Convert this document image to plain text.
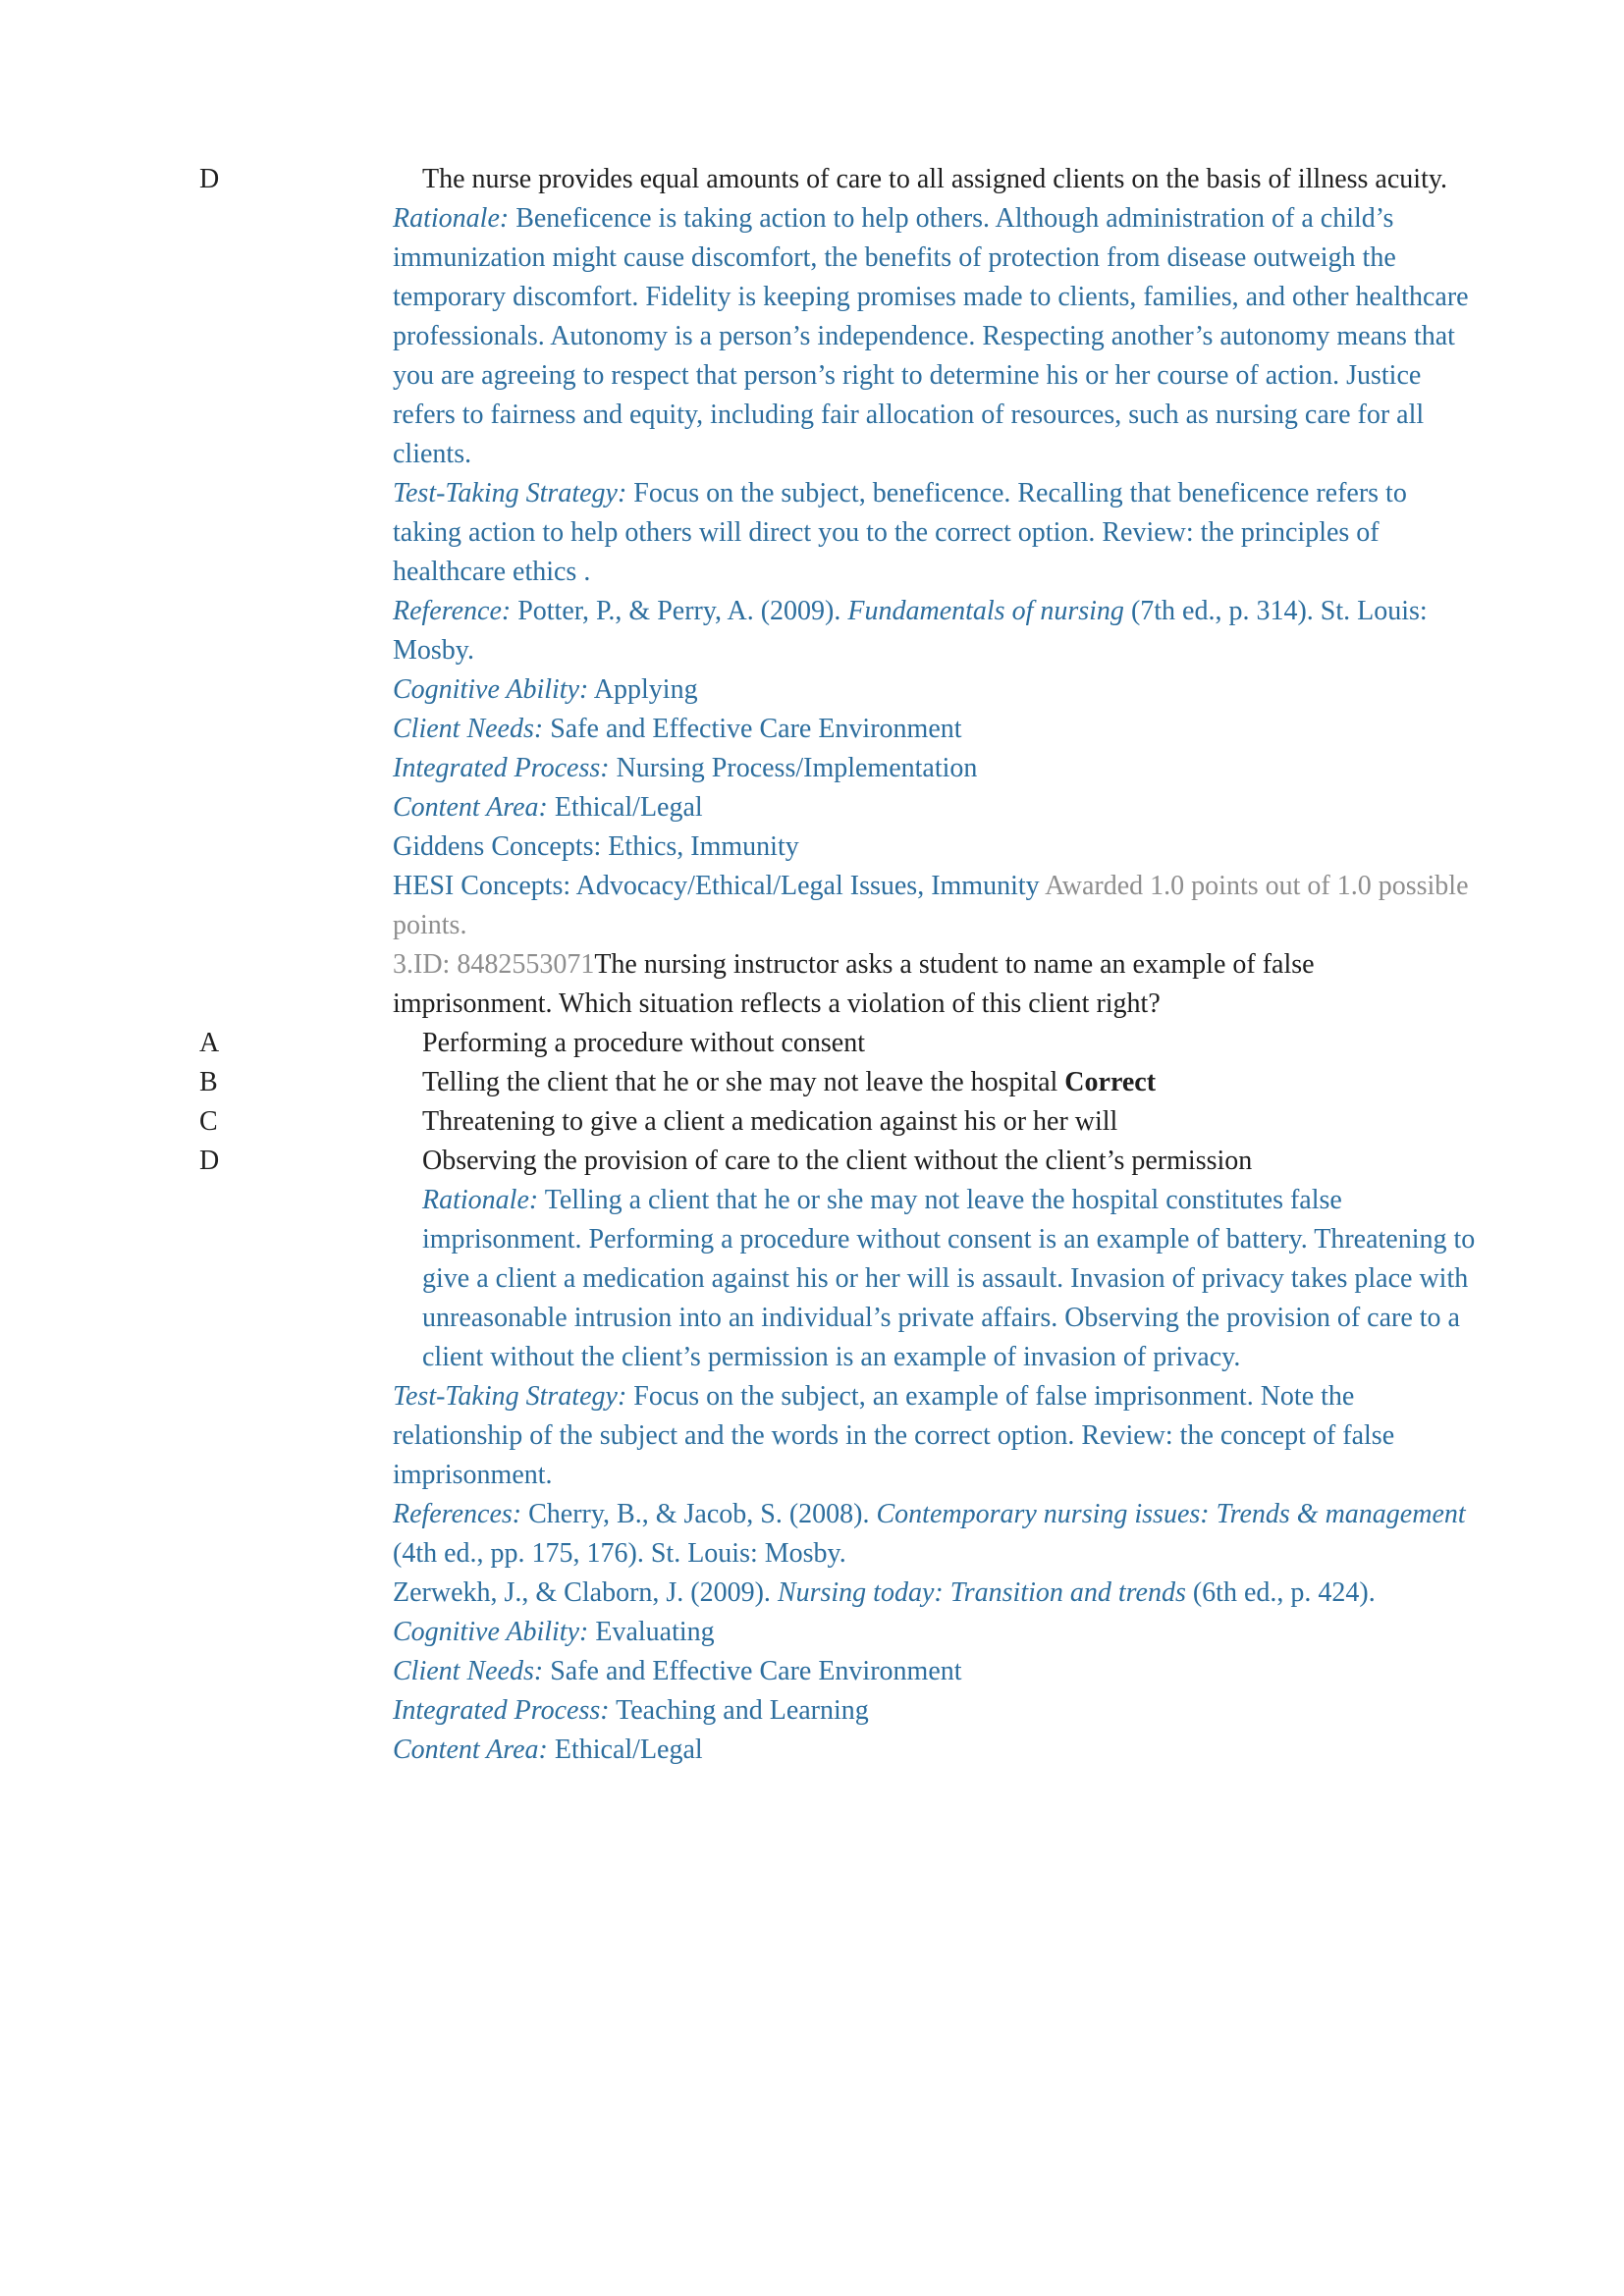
D	The nurse provides equal amounts of care to all assigned clients on the basis of illness acuity.
Rationale: Beneficence is taking action to help others. Although administration of a child’s immunization might cause discomfort, the benefits of protection from disease outweigh the temporary discomfort. Fidelity is keeping promises made to clients, families, and other healthcare professionals. Autonomy is a person’s independence. Respecting another’s autonomy means that you are agreeing to respect that person’s right to determine his or her course of action. Justice refers to fairness and equity, including fair allocation of resources, such as nursing care for all clients.
Test-Taking Strategy: Focus on the subject, beneficence. Recalling that beneficence refers to taking action to help others will direct you to the correct option. Review: the principles of healthcare ethics .
Reference: Potter, P., & Perry, A. (2009). Fundamentals of nursing (7th ed., p. 314). St. Louis: Mosby.
Cognitive Ability: Applying
Client Needs: Safe and Effective Care Environment
Integrated Process: Nursing Process/Implementation
Content Area: Ethical/Legal
Giddens Concepts: Ethics, Immunity
HESI Concepts: Advocacy/Ethical/Legal Issues, Immunity Awarded 1.0 points out of 1.0 possible points.
3.ID: 8482553071The nursing instructor asks a student to name an example of false imprisonment. Which situation reflects a violation of this client right?
A	Performing a procedure without consent
B	Telling the client that he or she may not leave the hospital Correct
C	Threatening to give a client a medication against his or her will
D	Observing the provision of care to the client without the client’s permission
Rationale: Telling a client that he or she may not leave the hospital constitutes false imprisonment. Performing a procedure without consent is an example of battery. Threatening to give a client a medication against his or her will is assault. Invasion of privacy takes place with unreasonable intrusion into an individual’s private affairs. Observing the provision of care to a client without the client’s permission is an example of invasion of privacy.
Test-Taking Strategy: Focus on the subject, an example of false imprisonment. Note the relationship of the subject and the words in the correct option. Review: the concept of false imprisonment.
References: Cherry, B., & Jacob, S. (2008). Contemporary nursing issues: Trends & management (4th ed., pp. 175, 176). St. Louis: Mosby.
Zerwekh, J., & Claborn, J. (2009). Nursing today: Transition and trends (6th ed., p. 424).
Cognitive Ability: Evaluating
Client Needs: Safe and Effective Care Environment
Integrated Process: Teaching and Learning
Content Area: Ethical/Legal
